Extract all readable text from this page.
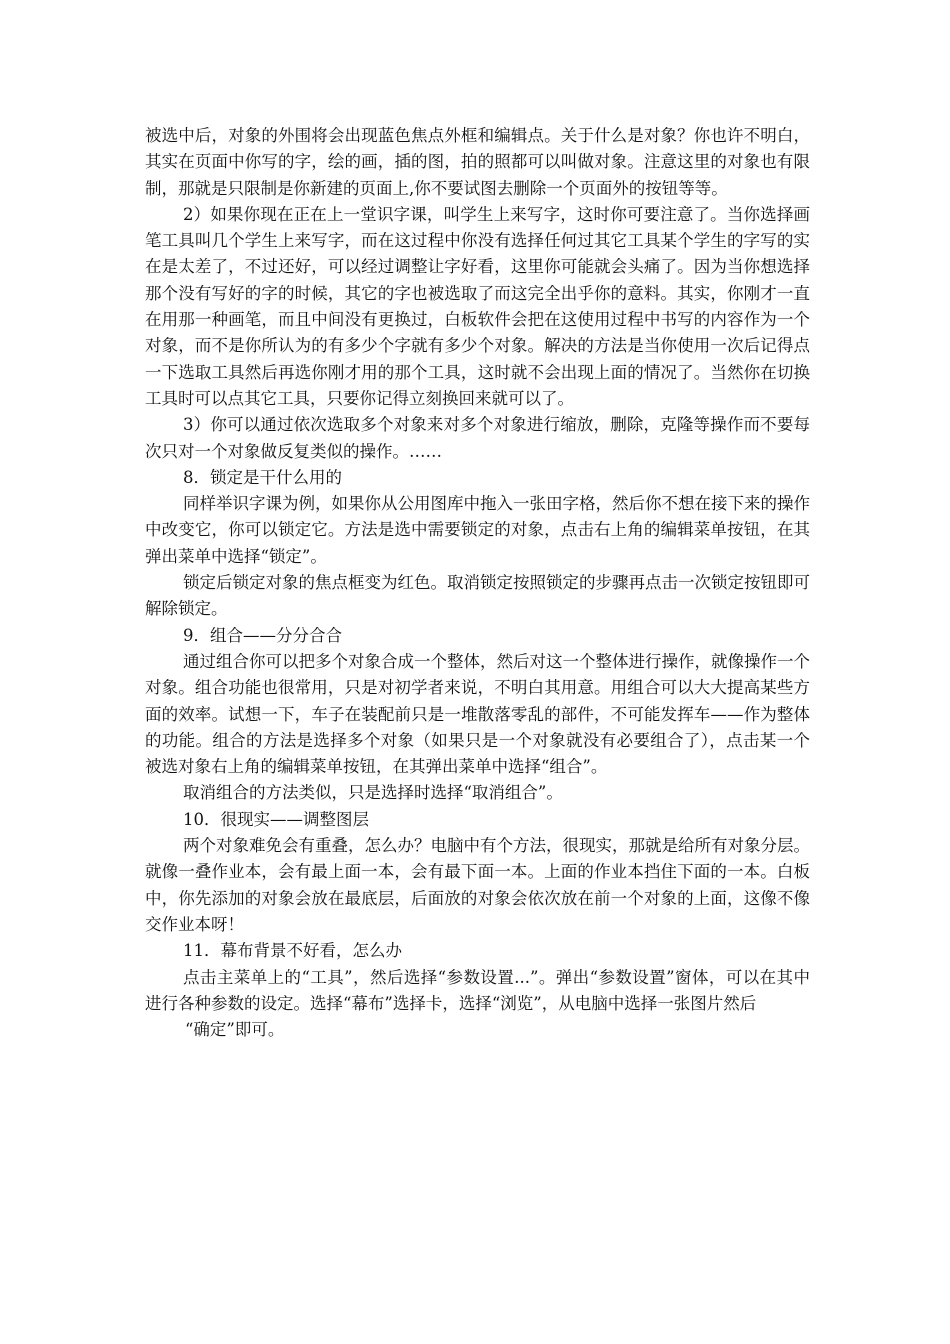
被选中后，对象的外围将会出现蓝色焦点外框和编辑点。关于什么是对象？你也许不明白，其实在页面中你写的字，绘的画，插的图，拍的照都可以叫做对象。注意这里的对象也有限制，那就是只限制是你新建的页面上,你不要试图去删除一个页面外的按钮等等。

2）如果你现在正在上一堂识字课，叫学生上来写字，这时你可要注意了。当你选择画笔工具叫几个学生上来写字，而在这过程中你没有选择任何过其它工具某个学生的字写的实在是太差了，不过还好，可以经过调整让字好看，这里你可能就会头痛了。因为当你想选择那个没有写好的字的时候，其它的字也被选取了而这完全出乎你的意料。其实，你刚才一直在用那一种画笔，而且中间没有更换过，白板软件会把在这使用过程中书写的内容作为一个对象，而不是你所认为的有多少个字就有多少个对象。解决的方法是当你使用一次后记得点一下选取工具然后再选你刚才用的那个工具，这时就不会出现上面的情况了。当然你在切换工具时可以点其它工具，只要你记得立刻换回来就可以了。

3）你可以通过依次选取多个对象来对多个对象进行缩放，删除，克隆等操作而不要每次只对一个对象做反复类似的操作。……

8．锁定是干什么用的

同样举识字课为例，如果你从公用图库中拖入一张田字格，然后你不想在接下来的操作中改变它，你可以锁定它。方法是选中需要锁定的对象，点击右上角的编辑菜单按钮，在其弹出菜单中选择“锁定”。

锁定后锁定对象的焦点框变为红色。取消锁定按照锁定的步骤再点击一次锁定按钮即可解除锁定。

9．组合——分分合合

通过组合你可以把多个对象合成一个整体，然后对这一个整体进行操作，就像操作一个对象。组合功能也很常用，只是对初学者来说，不明白其用意。用组合可以大大提高某些方面的效率。试想一下，车子在装配前只是一堆散落零乱的部件，不可能发挥车——作为整体的功能。组合的方法是选择多个对象（如果只是一个对象就没有必要组合了），点击某一个被选对象右上角的编辑菜单按钮，在其弹出菜单中选择“组合”。

取消组合的方法类似，只是选择时选择“取消组合”。

10．很现实——调整图层

两个对象难免会有重叠，怎么办？电脑中有个方法，很现实，那就是给所有对象分层。就像一叠作业本，会有最上面一本，会有最下面一本。上面的作业本挡住下面的一本。白板中，你先添加的对象会放在最底层，后面放的对象会依次放在前一个对象的上面，这像不像交作业本呀！

11．幕布背景不好看，怎么办

点击主菜单上的“工具”，然后选择“参数设置...”。弹出“参数设置”窗体，可以在其中进行各种参数的设定。选择“幕布”选择卡，选择“浏览”，从电脑中选择一张图片然后

“确定”即可。
